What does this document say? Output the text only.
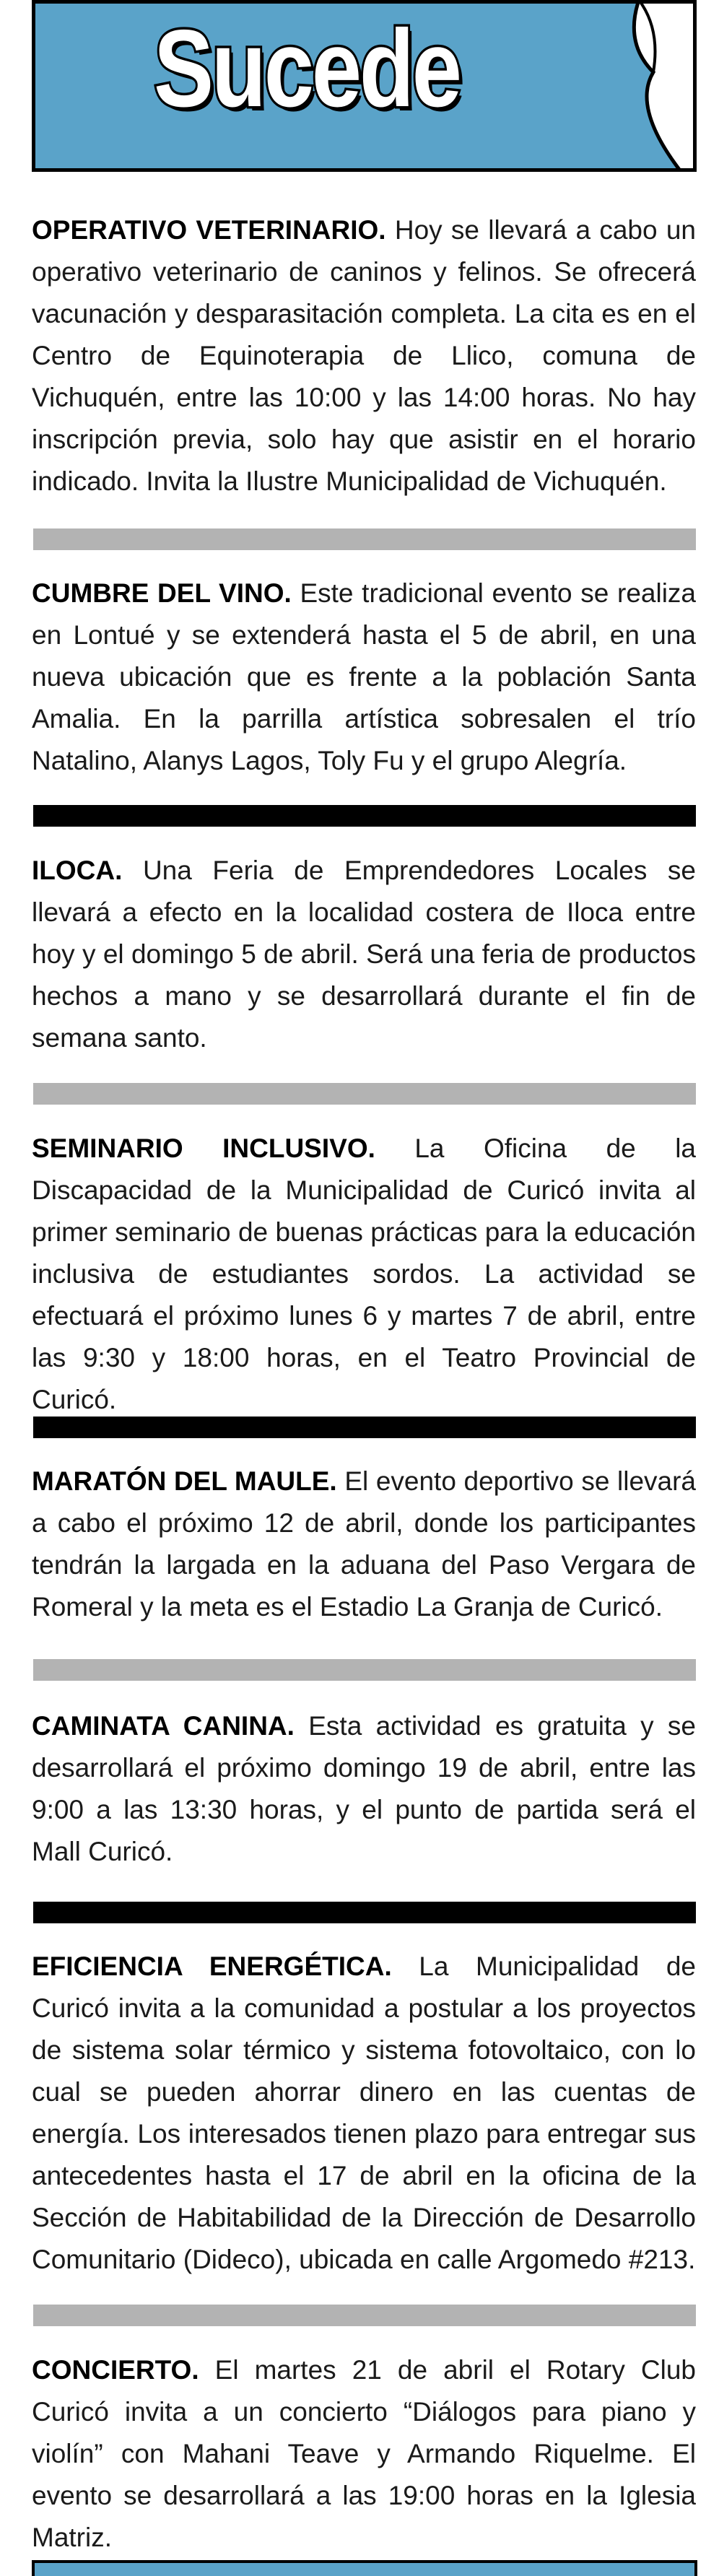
Sucede
OPERATIVO VETERINARIO. Hoy se llevará a cabo un operativo veterinario de caninos y felinos. Se ofrecerá vacunación y desparasitación completa. La cita es en el Centro de Equinoterapia de Llico, comuna de Vichuquén, entre las 10:00 y las 14:00 horas. No hay inscripción previa, solo hay que asistir en el horario indicado. Invita la Ilustre Municipalidad de Vichuquén.
CUMBRE DEL VINO. Este tradicional evento se realiza en Lontué y se extenderá hasta el 5 de abril, en una nueva ubicación que es frente a la población Santa Amalia. En la parrilla artística sobresalen el trío Natalino, Alanys Lagos, Toly Fu y el grupo Alegría.
ILOCA. Una Feria de Emprendedores Locales se llevará a efecto en la localidad costera de Iloca entre hoy y el domingo 5 de abril. Será una feria de productos hechos a mano y se desarrollará durante el fin de semana santo.
SEMINARIO INCLUSIVO. La Oficina de la Discapacidad de la Municipalidad de Curicó invita al primer seminario de buenas prácticas para la educación inclusiva de estudiantes sordos. La actividad se efectuará el próximo lunes 6 y martes 7 de abril, entre las 9:30 y 18:00 horas, en el Teatro Provincial de Curicó.
MARATÓN DEL MAULE. El evento deportivo se llevará a cabo el próximo 12 de abril, donde los participantes tendrán la largada en la aduana del Paso Vergara de Romeral y la meta es el Estadio La Granja de Curicó.
CAMINATA CANINA. Esta actividad es gratuita y se desarrollará el próximo domingo 19 de abril, entre las 9:00 a las 13:30 horas, y el punto de partida será el Mall Curicó.
EFICIENCIA ENERGÉTICA. La Municipalidad de Curicó invita a la comunidad a postular a los proyectos de sistema solar térmico y sistema fotovoltaico, con lo cual se pueden ahorrar dinero en las cuentas de energía. Los interesados tienen plazo para entregar sus antecedentes hasta el 17 de abril en la oficina de la Sección de Habitabilidad de la Dirección de Desarrollo Comunitario (Dideco), ubicada en calle Argomedo #213.
CONCIERTO. El martes 21 de abril el Rotary Club Curicó invita a un concierto “Diálogos para piano y violín” con Mahani Teave y Armando Riquelme. El evento se desarrollará a las 19:00 horas en la Iglesia Matriz.
